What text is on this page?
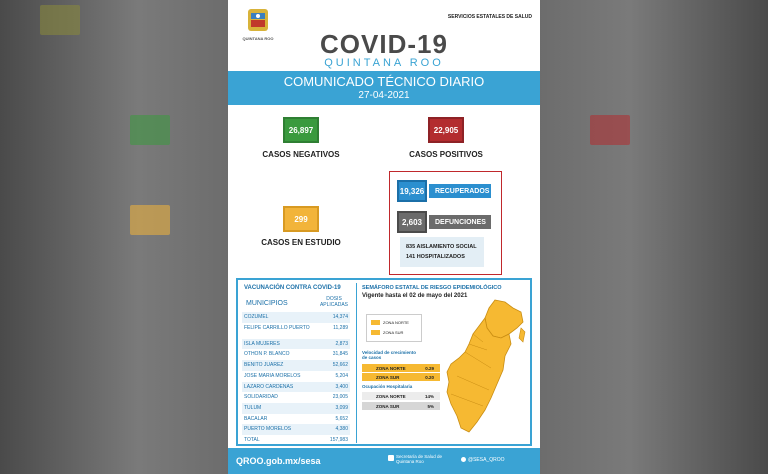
QUINTANA ROO
SERVICIOS ESTATALES DE SALUD
COVID-19
QUINTANA ROO
COMUNICADO TÉCNICO DIARIO
27-04-2021
26,897
CASOS NEGATIVOS
22,905
CASOS POSITIVOS
299
CASOS EN ESTUDIO
19,326	RECUPERADOS
2,603	DEFUNCIONES
835 AISLAMIENTO SOCIAL
141 HOSPITALIZADOS
VACUNACIÓN CONTRA COVID-19
MUNICIPIOS
DOSIS APLICADAS
COZUMEL	14,374
FELIPE CARRILLO PUERTO	11,289
ISLA MUJERES	2,873
OTHON P. BLANCO	31,845
BENITO JUAREZ	52,662
JOSE MARIA MORELOS	5,204
LAZARO CARDENAS	3,400
SOLIDARIDAD	23,005
TULUM	3,099
BACALAR	5,652
PUERTO MORELOS	4,380
TOTAL	157,983
SEMÁFORO ESTATAL DE RIESGO EPIDEMIOLÓGICO
Vigente hasta el 02 de mayo del 2021
ZONA NORTE
ZONA SUR
Velocidad de crecimiento de casos
ZONA NORTE	0.29
ZONA SUR	0.20
Ocupación Hospitalaria
ZONA NORTE	14%
ZONA SUR	5%
QROO.gob.mx/sesa	Secretaría de Salud de Quintana Roo	@SESA_QROO
